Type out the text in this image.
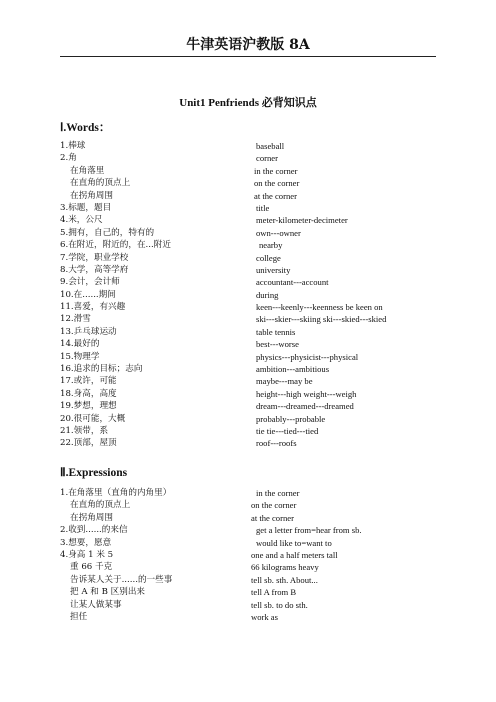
牛津英语沪教版 8A
Unit1 Penfriends 必背知识点
Ⅰ.Words：
1.棒球	baseball
2.角	corner
在角落里	in the corner
在直角的顶点上	on the corner
在拐角周围	at the corner
3.标题，题目	title
4.米，公尺	meter-kilometer-decimeter
5.拥有，自己的，特有的	own---owner
6.在附近，附近的，在...附近	nearby
7.学院，职业学校	college
8.大学，高等学府	university
9.会计，会计师	accountant---account
10.在......期间	during
11.喜爱，有兴趣	keen---keenly---keenness be keen on
12.滑雪	ski---skier---skiing ski---skied---skied
13.乒乓球运动	table tennis
14.最好的	best---worse
15.物理学	physics---physicist---physical
16.追求的目标；志向	ambition---ambitious
17.或许，可能	maybe---may be
18.身高，高度	height---high weight---weigh
19.梦想，理想	dream---dreamed---dreamed
20.很可能，大概	probably---probable
21.领带，系	tie tie---tied---tied
22.顶部，屋顶	roof---roofs
Ⅱ.Expressions
1.在角落里（直角的内角里）	in the corner
在直角的顶点上	on the corner
在拐角周围	at the corner
2.收到......的来信	get a letter from=hear from sb.
3.想要，愿意	would like to=want to
4.身高 1 米 5	one and a half meters tall
重 66 千克	66 kilograms heavy
告诉某人关于......的一些事	tell sb. sth. About...
把 A 和 B 区别出来	tell A from B
让某人做某事	tell sb. to do sth.
担任	work as
